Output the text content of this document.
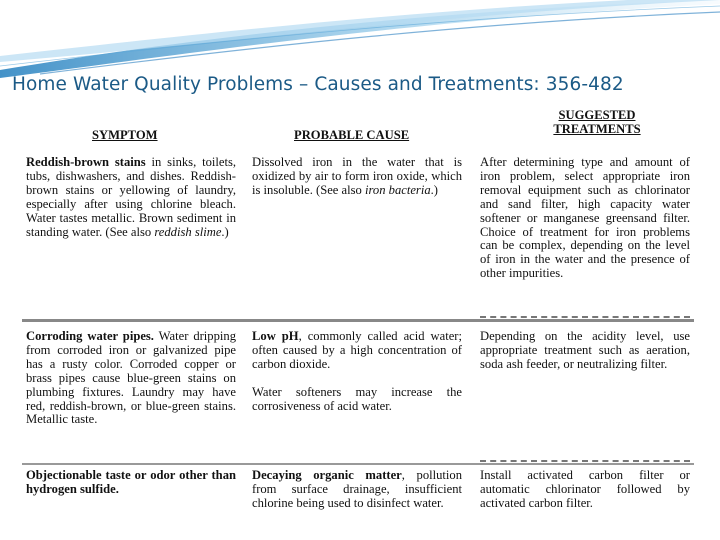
Home Water Quality Problems – Causes and Treatments: 356-482
SYMPTOM	PROBABLE CAUSE
SUGGESTED
TREATMENTS
Reddish-brown stains in sinks, toilets, tubs, dishwashers, and dishes. Reddish-brown stains or yellowing of laundry, especially after using chlorine bleach. Water tastes metallic. Brown sediment in standing water. (See also reddish slime.)
Dissolved iron in the water that is oxidized by air to form iron oxide, which is insoluble. (See also iron bacteria.)
After determining type and amount of iron problem, select appropriate iron removal equipment such as chlorinator and sand filter, high capacity water softener or manganese greensand filter. Choice of treatment for iron problems can be complex, depending on the level of iron in the water and the presence of other impurities.
Corroding water pipes. Water dripping from corroded iron or galvanized pipe has a rusty color. Corroded copper or brass pipes cause blue-green stains on plumbing fixtures. Laundry may have red, reddish-brown, or blue-green stains. Metallic taste.

Low pH, commonly called acid water; often caused by a high concentration of carbon dioxide.

Water softeners may increase the corrosiveness of acid water.

Depending on the acidity level, use appropriate treatment such as aeration, soda ash feeder, or neutralizing filter.
Objectionable taste or odor other than hydrogen sulfide.
Decaying organic matter, pollution from surface drainage, insufficient chlorine being used to disinfect water.
Install activated carbon filter or automatic chlorinator followed by activated carbon filter.
